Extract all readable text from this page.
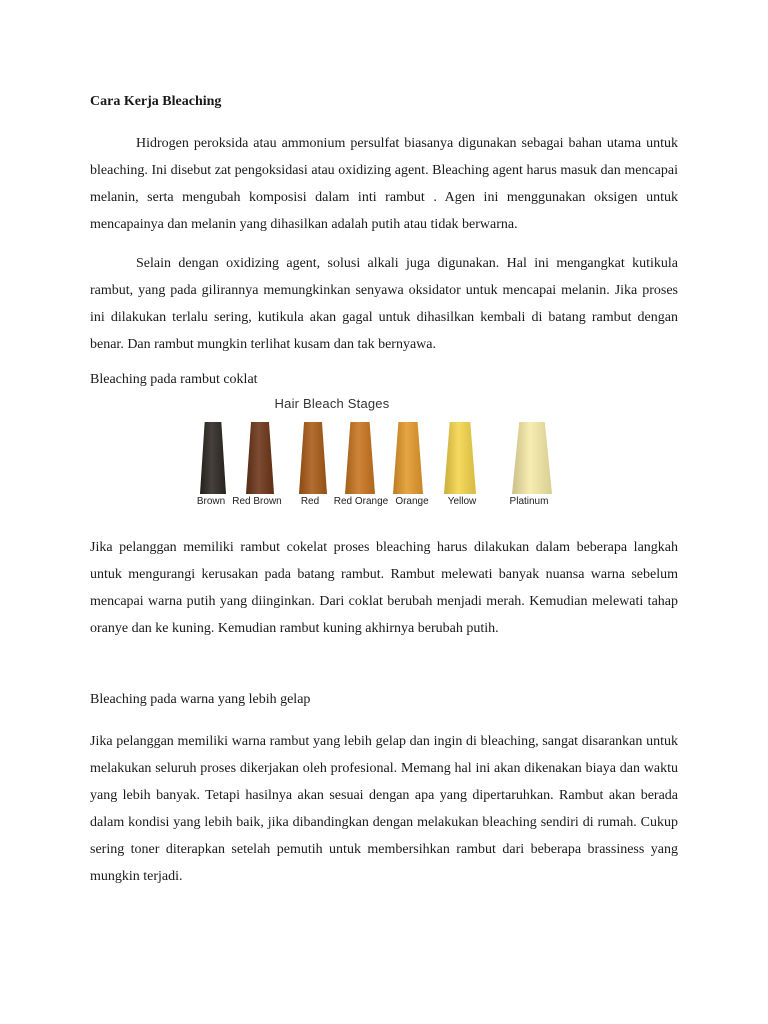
Cara Kerja Bleaching

Hidrogen peroksida atau ammonium persulfat biasanya digunakan sebagai bahan utama untuk bleaching. Ini disebut zat pengoksidasi atau oxidizing agent. Bleaching agent harus masuk dan mencapai melanin, serta mengubah komposisi dalam inti rambut . Agen ini menggunakan oksigen untuk mencapainya dan melanin yang dihasilkan adalah putih atau tidak berwarna.

Selain dengan oxidizing agent, solusi alkali juga digunakan. Hal ini mengangkat kutikula rambut, yang pada gilirannya memungkinkan senyawa oksidator untuk mencapai melanin. Jika proses ini dilakukan terlalu sering, kutikula akan gagal untuk dihasilkan kembali di batang rambut dengan benar. Dan rambut mungkin terlihat kusam dan tak bernyawa.

Bleaching pada rambut coklat
Hair Bleach Stages
Brown Red Brown Red Red Orange Orange Yellow	Platinum

Jika pelanggan memiliki rambut cokelat proses bleaching harus dilakukan dalam beberapa langkah untuk mengurangi kerusakan pada batang rambut. Rambut melewati banyak nuansa warna sebelum mencapai warna putih yang diinginkan. Dari coklat berubah menjadi merah. Kemudian melewati tahap oranye dan ke kuning. Kemudian rambut kuning akhirnya berubah putih.

Bleaching pada warna yang lebih gelap

Jika pelanggan memiliki warna rambut yang lebih gelap dan ingin di bleaching, sangat disarankan untuk melakukan seluruh proses dikerjakan oleh profesional. Memang hal ini akan dikenakan biaya dan waktu yang lebih banyak. Tetapi hasilnya akan sesuai dengan apa yang dipertaruhkan. Rambut akan berada dalam kondisi yang lebih baik, jika dibandingkan dengan melakukan bleaching sendiri di rumah. Cukup sering toner diterapkan setelah pemutih untuk membersihkan rambut dari beberapa brassiness yang mungkin terjadi.
